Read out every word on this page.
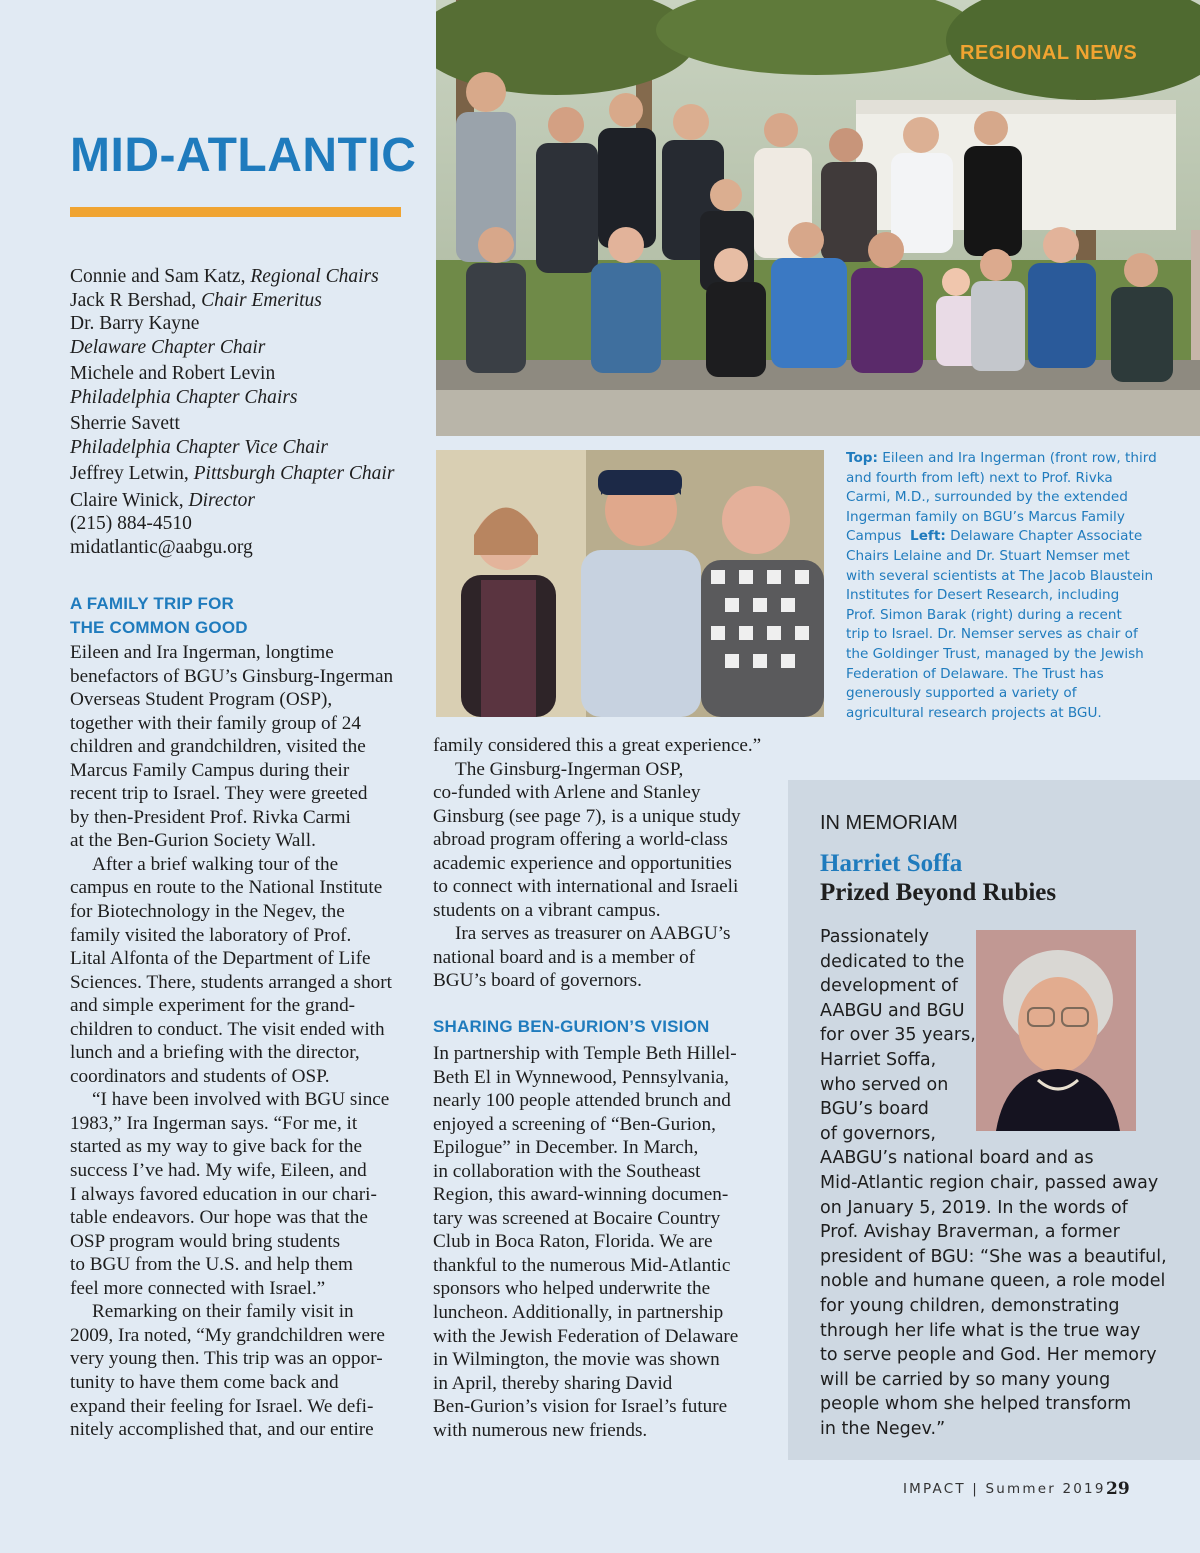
REGIONAL NEWS
MID-ATLANTIC
Connie and Sam Katz, Regional Chairs
Jack R Bershad, Chair Emeritus
Dr. Barry Kayne
Delaware Chapter Chair
Michele and Robert Levin
Philadelphia Chapter Chairs
Sherrie Savett
Philadelphia Chapter Vice Chair
Jeffrey Letwin, Pittsburgh Chapter Chair
Claire Winick, Director
(215) 884-4510
midatlantic@aabgu.org
A FAMILY TRIP FOR
THE COMMON GOOD

Eileen and Ira Ingerman, longtime

benefactors of BGU’s Ginsburg-Ingerman

Overseas Student Program (OSP),

together with their family group of 24

children and grandchildren, visited the

Marcus Family Campus during their

recent trip to Israel. They were greeted

by then-President Prof. Rivka Carmi

at the Ben-Gurion Society Wall.

After a brief walking tour of the

campus en route to the National Institute

for Biotechnology in the Negev, the

family visited the laboratory of Prof.

Lital Alfonta of the Department of Life

Sciences. There, students arranged a short

and simple experiment for the grand-

children to conduct. The visit ended with

lunch and a briefing with the director,

coordinators and students of OSP.

“I have been involved with BGU since

1983,” Ira Ingerman says. “For me, it

started as my way to give back for the

success I’ve had. My wife, Eileen, and

I always favored education in our chari-

table endeavors. Our hope was that the

OSP program would bring students

to BGU from the U.S. and help them

feel more connected with Israel.”

Remarking on their family visit in

2009, Ira noted, “My grandchildren were

very young then. This trip was an oppor-

tunity to have them come back and

expand their feeling for Israel. We defi-

nitely accomplished that, and our entire

Top: Eileen and Ira Ingerman (front row, third

and fourth from left) next to Prof. Rivka

Carmi, M.D., surrounded by the extended

Ingerman family on BGU’s Marcus Family

Campus  Left: Delaware Chapter Associate

Chairs Lelaine and Dr. Stuart Nemser met

with several scientists at The Jacob Blaustein

Institutes for Desert Research, including

Prof. Simon Barak (right) during a recent

trip to Israel. Dr. Nemser serves as chair of

the Goldinger Trust, managed by the Jewish

Federation of Delaware. The Trust has

generously supported a variety of

agricultural research projects at BGU.

family considered this a great experience.”

The Ginsburg-Ingerman OSP,

co-funded with Arlene and Stanley

Ginsburg (see page 7), is a unique study

abroad program offering a world-class

academic experience and opportunities

to connect with international and Israeli

students on a vibrant campus.

Ira serves as treasurer on AABGU’s

national board and is a member of

BGU’s board of governors.

SHARING BEN-GURION’S VISION

In partnership with Temple Beth Hillel-

Beth El in Wynnewood, Pennsylvania,

nearly 100 people attended brunch and

enjoyed a screening of “Ben-Gurion,

Epilogue” in December. In March,

in collaboration with the Southeast

Region, this award-winning documen-

tary was screened at Bocaire Country

Club in Boca Raton, Florida. We are

thankful to the numerous Mid-Atlantic

sponsors who helped underwrite the

luncheon. Additionally, in partnership

with the Jewish Federation of Delaware

in Wilmington, the movie was shown

in April, thereby sharing David

Ben-Gurion’s vision for Israel’s future

with numerous new friends.

IN MEMORIAM
Harriet Soffa
Prized Beyond Rubies

Passionately

dedicated to the

development of

AABGU and BGU

for over 35 years,

Harriet Soffa,

who served on

BGU’s board

of governors,

AABGU’s national board and as

Mid-Atlantic region chair, passed away

on January 5, 2019. In the words of

Prof. Avishay Braverman, a former

president of BGU: “She was a beautiful,

noble and humane queen, a role model

for young children, demonstrating

through her life what is the true way

to serve people and God. Her memory

will be carried by so many young

people whom she helped transform

in the Negev.”

IMPACT | Summer 2019 29
